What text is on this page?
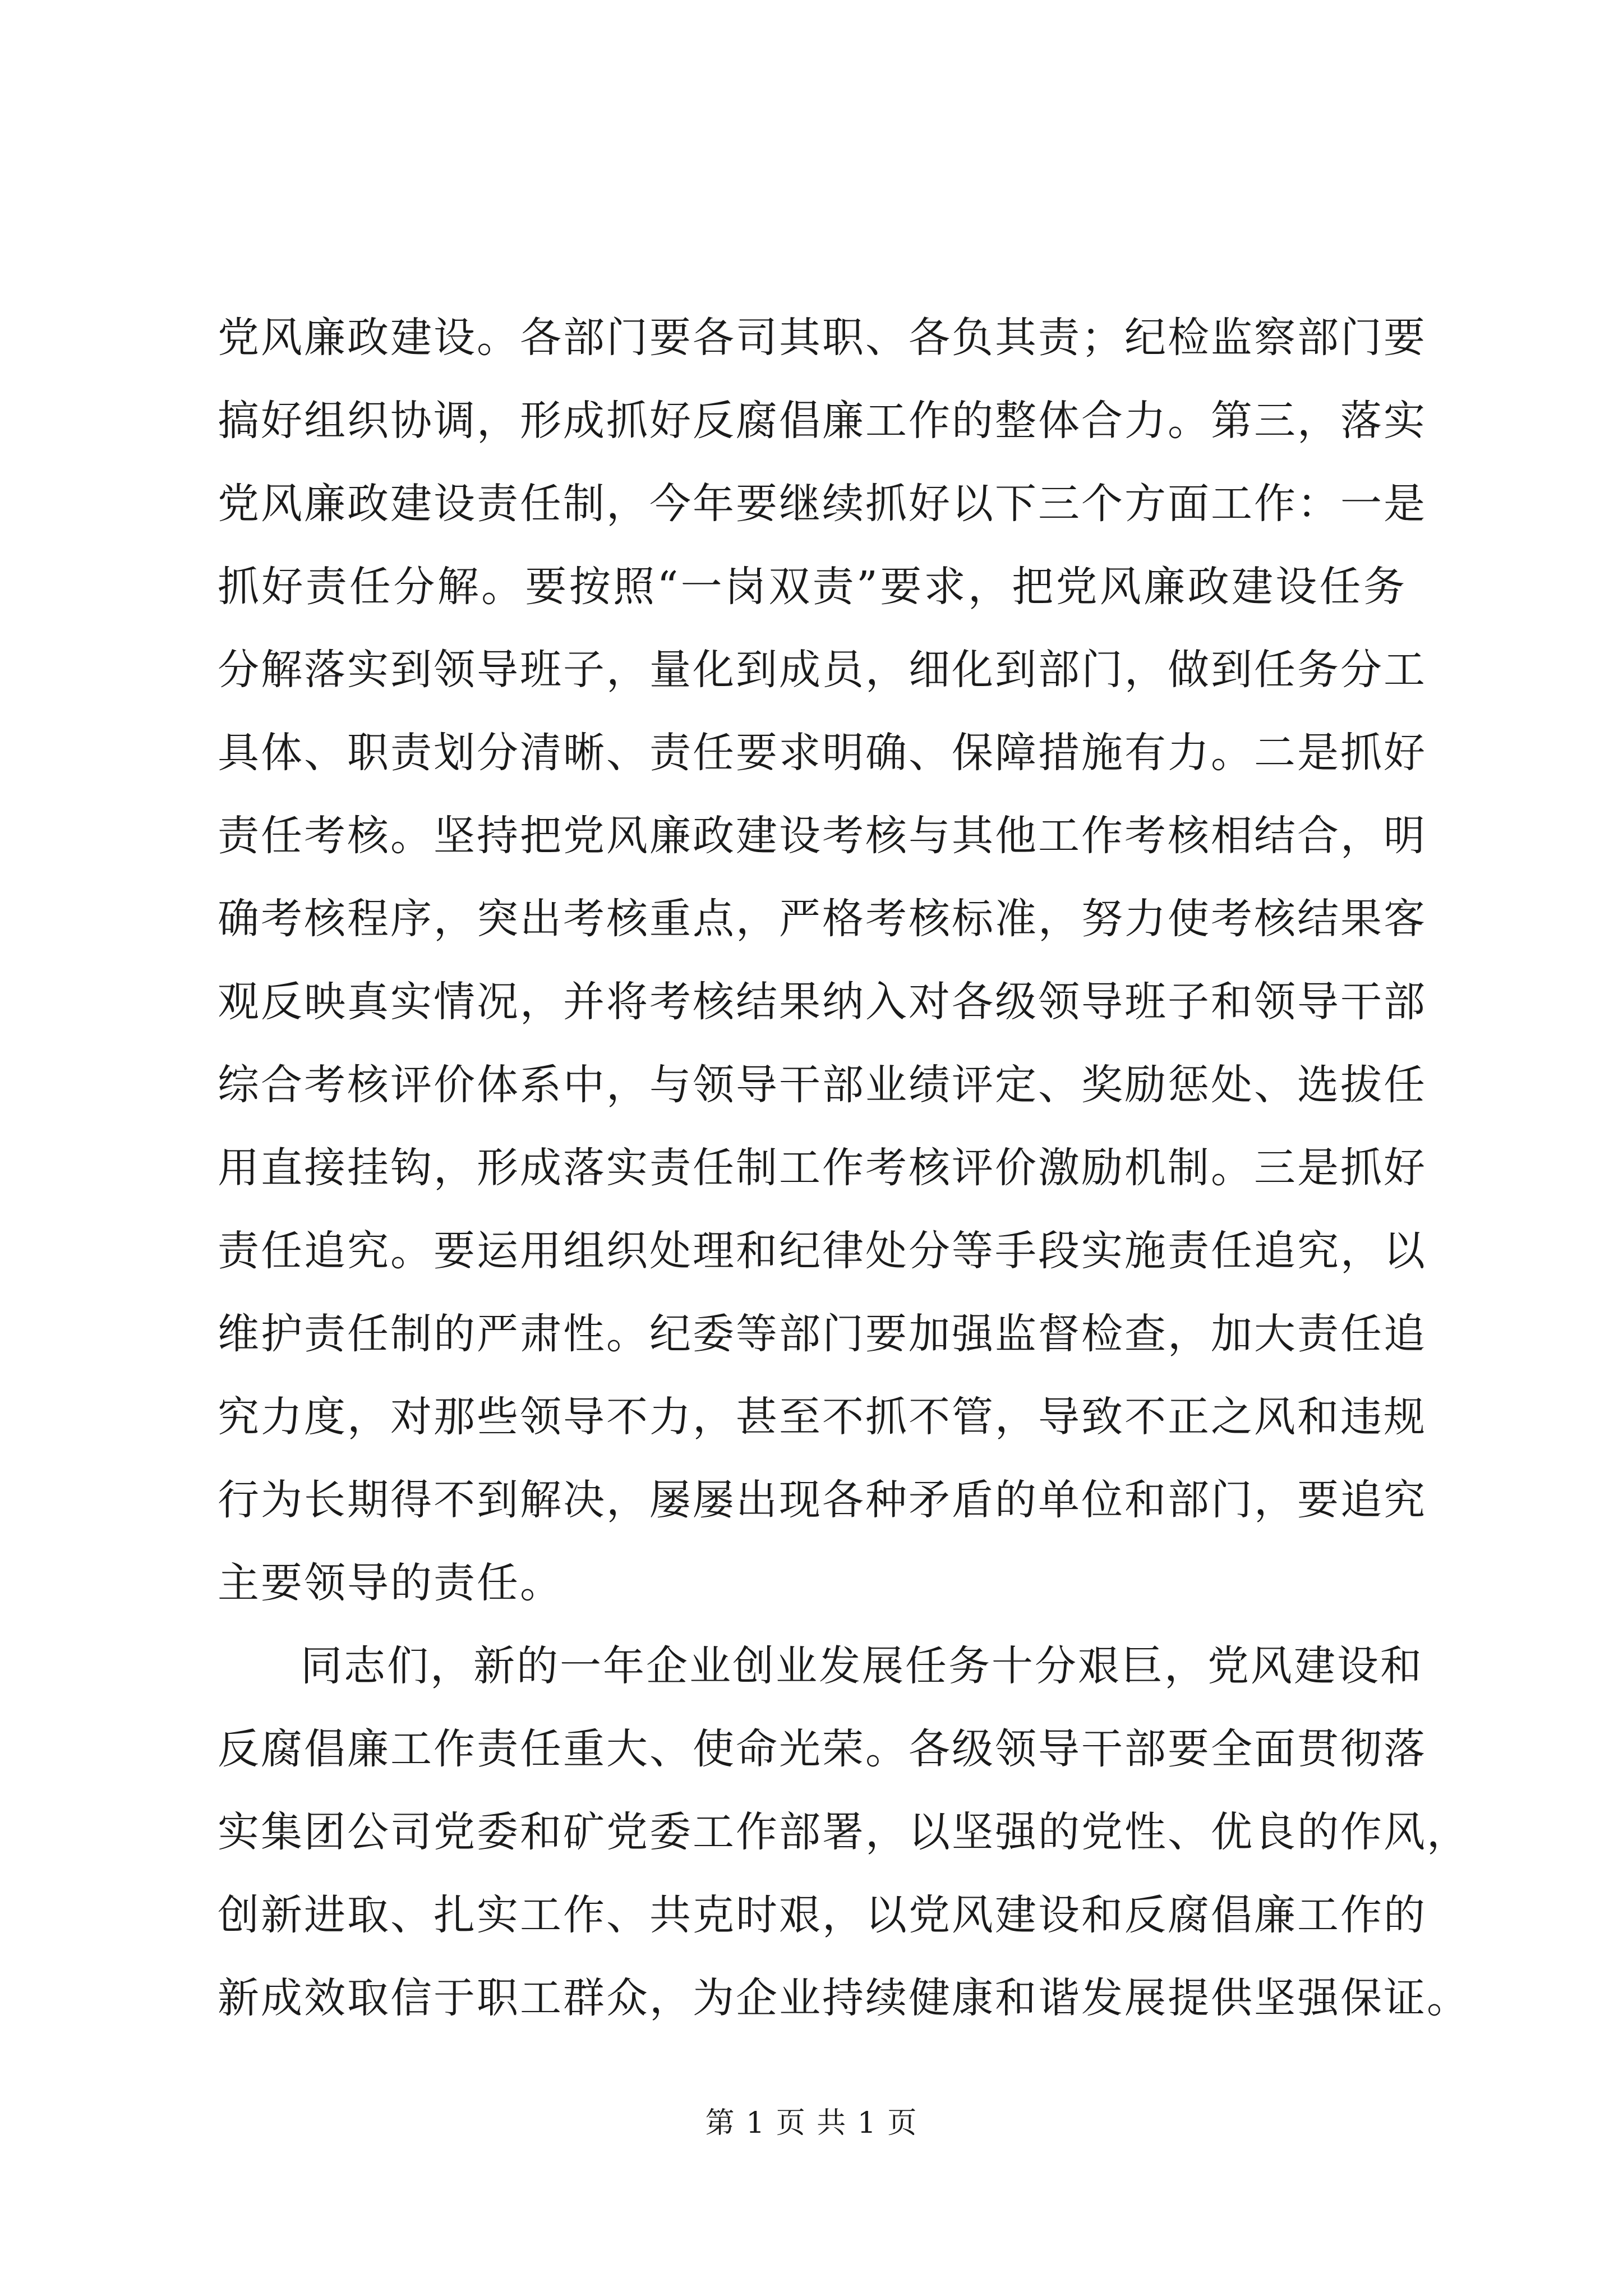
党风廉政建设。各部门要各司其职、各负其责；纪检监察部门要
搞好组织协调，形成抓好反腐倡廉工作的整体合力。第三，落实
党风廉政建设责任制，今年要继续抓好以下三个方面工作：一是
抓好责任分解。要按照“一岗双责”要求，把党风廉政建设任务
分解落实到领导班子，量化到成员，细化到部门，做到任务分工
具体、职责划分清晰、责任要求明确、保障措施有力。二是抓好
责任考核。坚持把党风廉政建设考核与其他工作考核相结合，明
确考核程序，突出考核重点，严格考核标准，努力使考核结果客
观反映真实情况，并将考核结果纳入对各级领导班子和领导干部
综合考核评价体系中，与领导干部业绩评定、奖励惩处、选拔任
用直接挂钩，形成落实责任制工作考核评价激励机制。三是抓好
责任追究。要运用组织处理和纪律处分等手段实施责任追究，以
维护责任制的严肃性。纪委等部门要加强监督检查，加大责任追
究力度，对那些领导不力，甚至不抓不管，导致不正之风和违规
行为长期得不到解决，屡屡出现各种矛盾的单位和部门，要追究
主要领导的责任。

同志们，新的一年企业创业发展任务十分艰巨，党风建设和
反腐倡廉工作责任重大、使命光荣。各级领导干部要全面贯彻落
实集团公司党委和矿党委工作部署，以坚强的党性、优良的作风，
创新进取、扎实工作、共克时艰，以党风建设和反腐倡廉工作的
新成效取信于职工群众，为企业持续健康和谐发展提供坚强保证。

第 1 页 共 1 页
